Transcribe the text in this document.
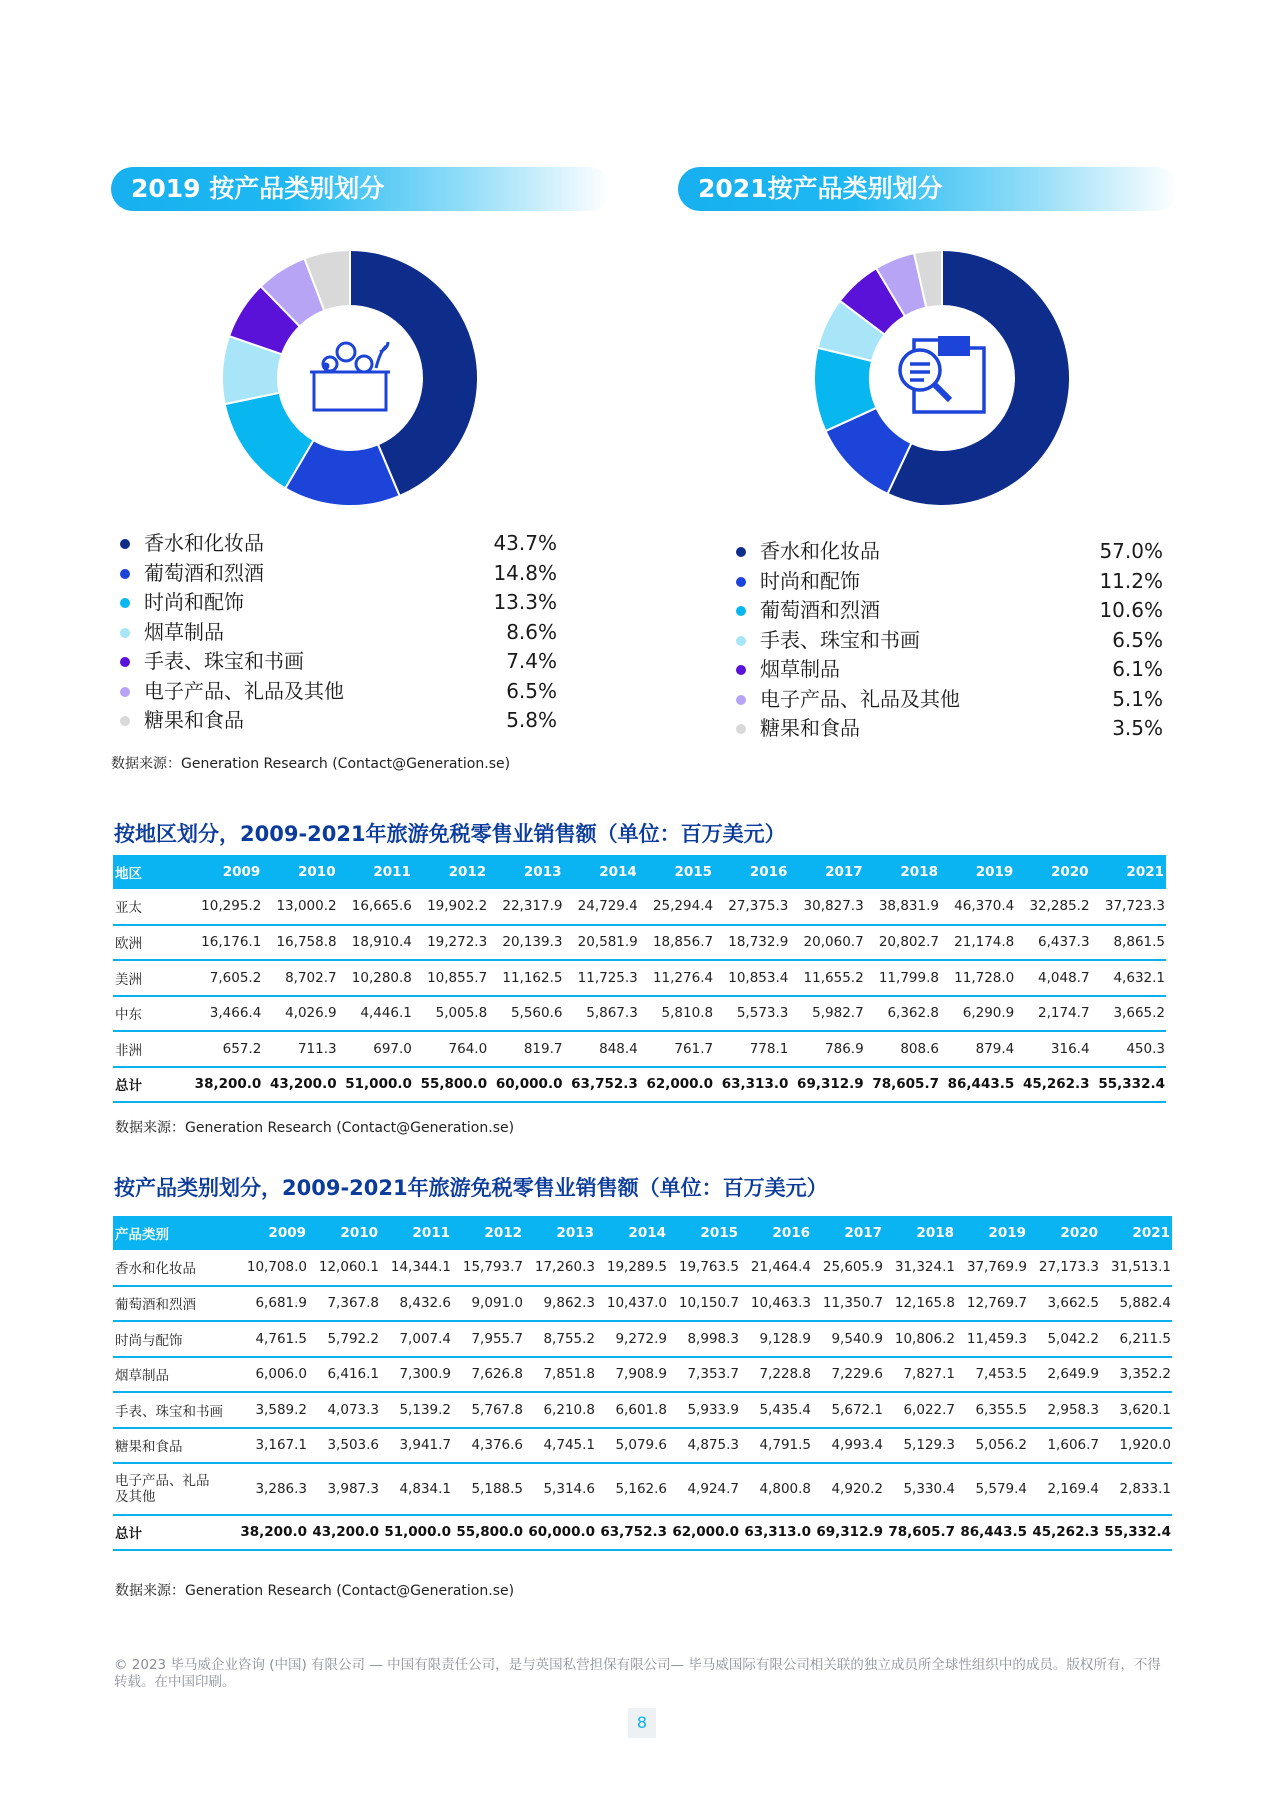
2019 按产品类别划分
香水和化妆品	43.7%
葡萄酒和烈酒	14.8%
时尚和配饰	13.3%
烟草制品	8.6%
手表、珠宝和书画	7.4%
电子产品、礼品及其他	6.5%
糖果和食品	5.8%
2021按产品类别划分
香水和化妆品	57.0%
时尚和配饰	11.2%
葡萄酒和烈酒	10.6%
手表、珠宝和书画	6.5%
烟草制品	6.1%
电子产品、礼品及其他	5.1%
糖果和食品	3.5%
数据来源：Generation Research (Contact@Generation.se)
按地区划分，2009-2021年旅游免税零售业销售额（单位：百万美元）
地区	2009	2010	2011	2012	2013	2014	2015	2016	2017	2018	2019	2020	2021
亚太	10,295.2	13,000.2	16,665.6	19,902.2	22,317.9	24,729.4	25,294.4	27,375.3	30,827.3	38,831.9	46,370.4	32,285.2	37,723.3
欧洲	16,176.1	16,758.8	18,910.4	19,272.3	20,139.3	20,581.9	18,856.7	18,732.9	20,060.7	20,802.7	21,174.8	6,437.3	8,861.5
美洲	7,605.2	8,702.7	10,280.8	10,855.7	11,162.5	11,725.3	11,276.4	10,853.4	11,655.2	11,799.8	11,728.0	4,048.7	4,632.1
中东	3,466.4	4,026.9	4,446.1	5,005.8	5,560.6	5,867.3	5,810.8	5,573.3	5,982.7	6,362.8	6,290.9	2,174.7	3,665.2
非洲	657.2	711.3	697.0	764.0	819.7	848.4	761.7	778.1	786.9	808.6	879.4	316.4	450.3
总计	38,200.0	43,200.0	51,000.0	55,800.0	60,000.0	63,752.3	62,000.0	63,313.0	69,312.9	78,605.7	86,443.5	45,262.3	55,332.4
数据来源：Generation Research (Contact@Generation.se)
按产品类别划分，2009-2021年旅游免税零售业销售额（单位：百万美元）
产品类别	2009	2010	2011	2012	2013	2014	2015	2016	2017	2018	2019	2020	2021
香水和化妆品	10,708.0	12,060.1	14,344.1	15,793.7	17,260.3	19,289.5	19,763.5	21,464.4	25,605.9	31,324.1	37,769.9	27,173.3	31,513.1
葡萄酒和烈酒	6,681.9	7,367.8	8,432.6	9,091.0	9,862.3	10,437.0	10,150.7	10,463.3	11,350.7	12,165.8	12,769.7	3,662.5	5,882.4
时尚与配饰	4,761.5	5,792.2	7,007.4	7,955.7	8,755.2	9,272.9	8,998.3	9,128.9	9,540.9	10,806.2	11,459.3	5,042.2	6,211.5
烟草制品	6,006.0	6,416.1	7,300.9	7,626.8	7,851.8	7,908.9	7,353.7	7,228.8	7,229.6	7,827.1	7,453.5	2,649.9	3,352.2
手表、珠宝和书画	3,589.2	4,073.3	5,139.2	5,767.8	6,210.8	6,601.8	5,933.9	5,435.4	5,672.1	6,022.7	6,355.5	2,958.3	3,620.1
糖果和食品	3,167.1	3,503.6	3,941.7	4,376.6	4,745.1	5,079.6	4,875.3	4,791.5	4,993.4	5,129.3	5,056.2	1,606.7	1,920.0
电子产品、礼品
及其他	3,286.3	3,987.3	4,834.1	5,188.5	5,314.6	5,162.6	4,924.7	4,800.8	4,920.2	5,330.4	5,579.4	2,169.4	2,833.1
总计	38,200.0	43,200.0	51,000.0	55,800.0	60,000.0	63,752.3	62,000.0	63,313.0	69,312.9	78,605.7	86,443.5	45,262.3	55,332.4
数据来源：Generation Research (Contact@Generation.se)
© 2023 毕马威企业咨询 (中国) 有限公司 — 中国有限责任公司，是与英国私营担保有限公司— 毕马威国际有限公司相关联的独立成员所全球性组织中的成员。版权所有，不得转载。在中国印刷。
8
